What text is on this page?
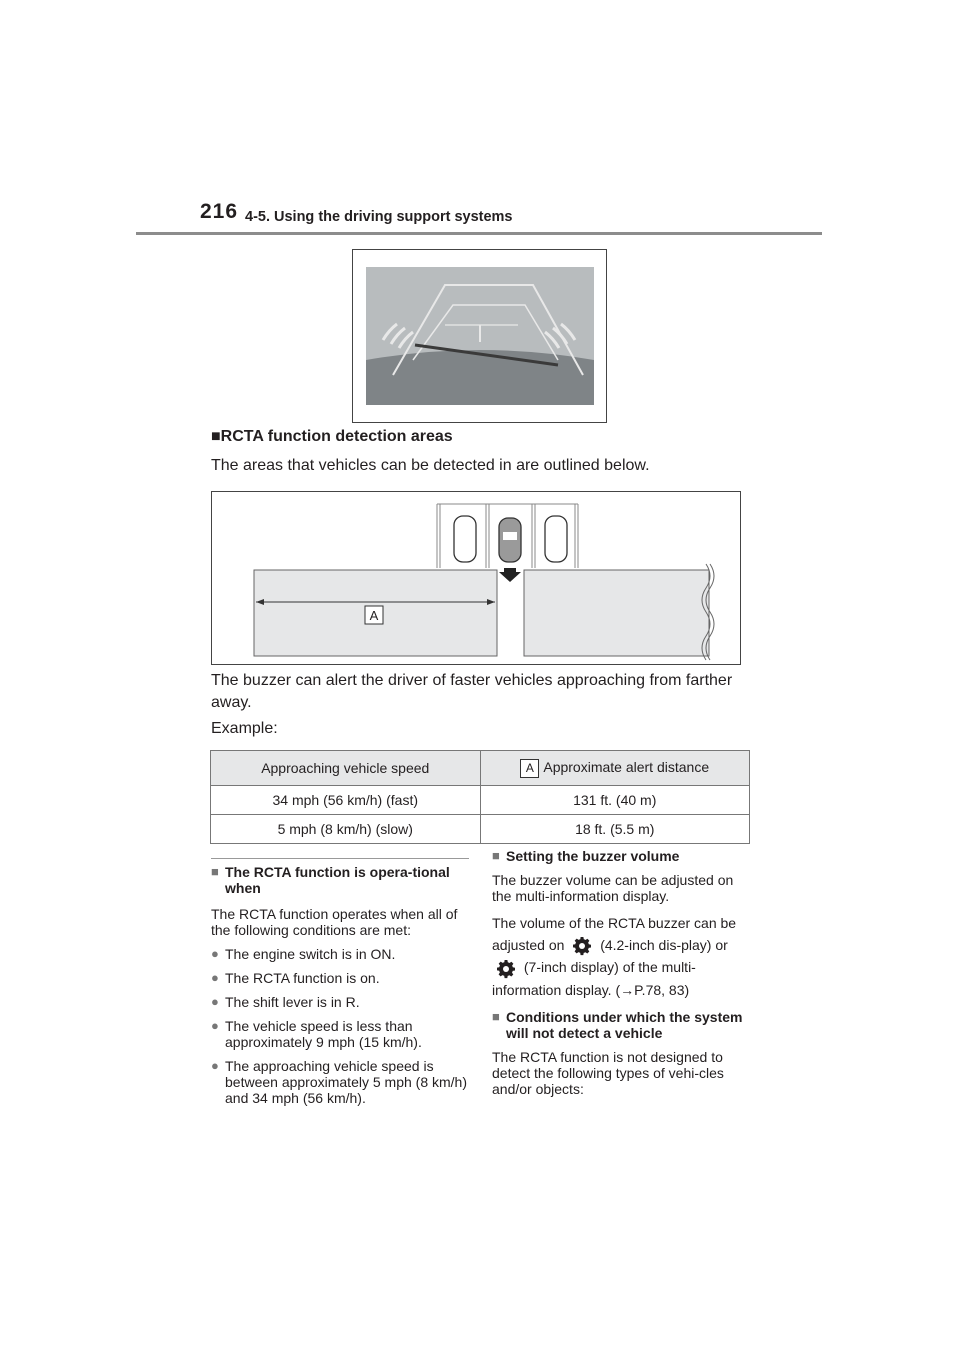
216 4-5. Using the driving support systems
■RCTA function detection areas
The areas that vehicles can be detected in are outlined below.
A
The buzzer can alert the driver of faster vehicles approaching from farther away.
Example:
Approaching vehicle speed	A Approximate alert distance
34 mph (56 km/h) (fast)	131 ft. (40 m)
5 mph (8 km/h) (slow)	18 ft. (5.5 m)

■ The RCTA function is opera-tional when

The RCTA function operates when all of the following conditions are met:

● The engine switch is in ON.

● The RCTA function is on.

● The shift lever is in R.

● The vehicle speed is less than approximately 9 mph (15 km/h).

● The approaching vehicle speed is between approximately 5 mph (8 km/h) and 34 mph (56 km/h).

■ Setting the buzzer volume

The buzzer volume can be adjusted on the multi-information display.

The volume of the RCTA buzzer can be adjusted on	(4.2-inch dis-play) or  (7-inch display) of the multi-information display. (→P.78, 83)

■ Conditions under which the system will not detect a vehicle

The RCTA function is not designed to detect the following types of vehi-cles and/or objects:
